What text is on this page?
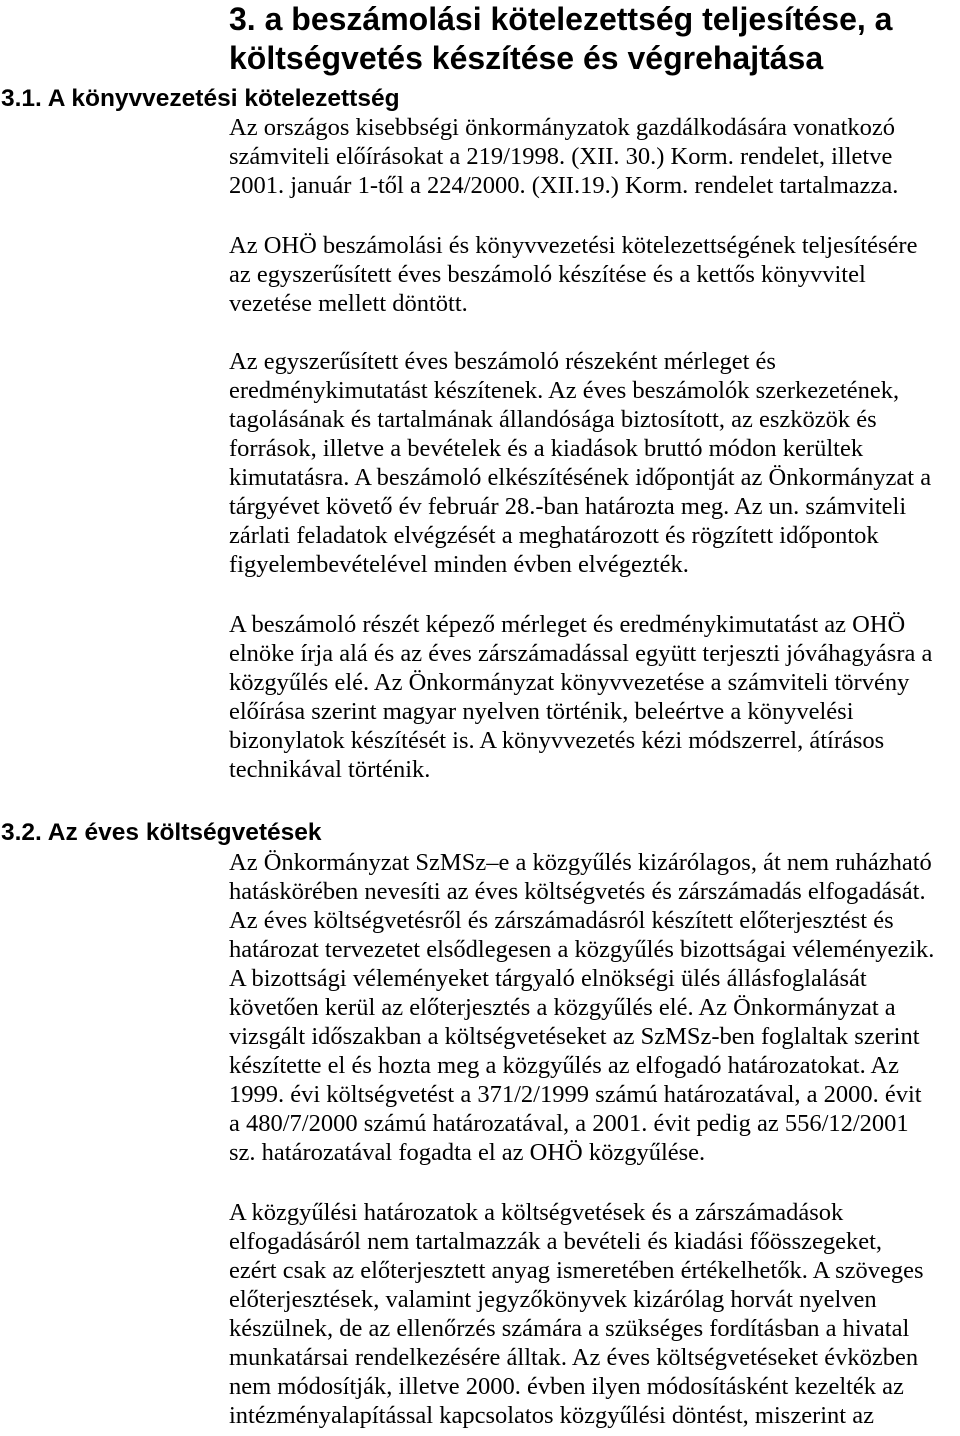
3. a beszámolási kötelezettség teljesítése, a
költségvetés készítése és végrehajtása
3.1. A könyvvezetési kötelezettség
Az országos kisebbségi önkormányzatok gazdálkodására vonatkozó
számviteli előírásokat a 219/1998. (XII. 30.) Korm. rendelet, illetve
2001. január 1-től a 224/2000. (XII.19.) Korm. rendelet tartalmazza.
Az OHÖ beszámolási és könyvvezetési kötelezettségének teljesítésére
az egyszerűsített éves beszámoló készítése és a kettős könyvvitel
vezetése mellett döntött.
Az egyszerűsített éves beszámoló részeként mérleget és
eredménykimutatást készítenek. Az éves beszámolók szerkezetének,
tagolásának és tartalmának állandósága biztosított, az eszközök és
források, illetve a bevételek és a kiadások bruttó módon kerültek
kimutatásra. A beszámoló elkészítésének időpontját az Önkormányzat a
tárgyévet követő év február 28.-ban határozta meg. Az un. számviteli
zárlati feladatok elvégzését a meghatározott és rögzített időpontok
figyelembevételével minden évben elvégezték.
A beszámoló részét képező mérleget és eredménykimutatást az OHÖ
elnöke írja alá és az éves zárszámadással együtt terjeszti jóváhagyásra a
közgyűlés elé. Az Önkormányzat könyvvezetése a számviteli törvény
előírása szerint magyar nyelven történik, beleértve a könyvelési
bizonylatok készítését is. A könyvvezetés kézi módszerrel, átírásos
technikával történik.
3.2. Az éves költségvetések
Az Önkormányzat SzMSz–e a közgyűlés kizárólagos, át nem ruházható
hatáskörében nevesíti az éves költségvetés és zárszámadás elfogadását.
Az éves költségvetésről és zárszámadásról készített előterjesztést és
határozat tervezetet elsődlegesen a közgyűlés bizottságai véleményezik.
A bizottsági véleményeket tárgyaló elnökségi ülés állásfoglalását
követően kerül az előterjesztés a közgyűlés elé. Az Önkormányzat a
vizsgált időszakban a költségvetéseket az SzMSz-ben foglaltak szerint
készítette el és hozta meg a közgyűlés az elfogadó határozatokat. Az
1999. évi költségvetést a 371/2/1999 számú határozatával, a 2000. évit
a 480/7/2000 számú határozatával, a 2001. évit pedig az 556/12/2001
sz. határozatával fogadta el az OHÖ közgyűlése.
A közgyűlési határozatok a költségvetések és a zárszámadások
elfogadásáról nem tartalmazzák a bevételi és kiadási főösszegeket,
ezért csak az előterjesztett anyag ismeretében értékelhetők. A szöveges
előterjesztések, valamint jegyzőkönyvek kizárólag horvát nyelven
készülnek, de az ellenőrzés számára a szükséges fordításban a hivatal
munkatársai rendelkezésére álltak. Az éves költségvetéseket évközben
nem módosítják, illetve 2000. évben ilyen módosításként kezelték az
intézményalapítással kapcsolatos közgyűlési döntést, miszerint az
